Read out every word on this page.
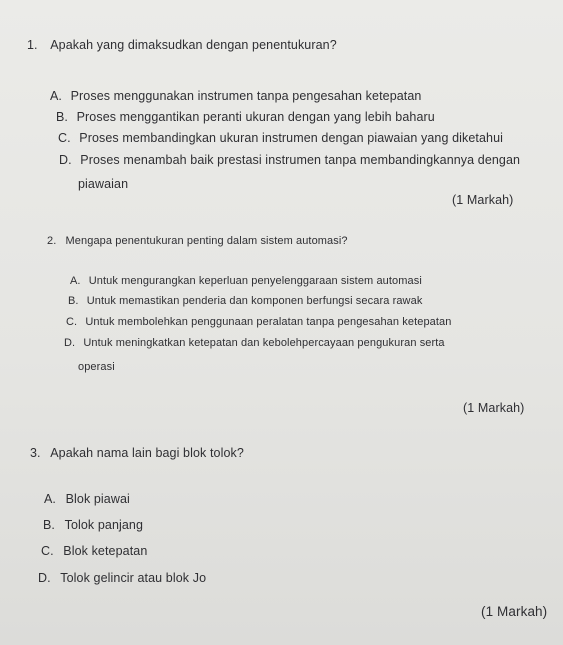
1. Apakah yang dimaksudkan dengan penentukuran?
A. Proses menggunakan instrumen tanpa pengesahan ketepatan
B. Proses menggantikan peranti ukuran dengan yang lebih baharu
C. Proses membandingkan ukuran instrumen dengan piawaian yang diketahui
D. Proses menambah baik prestasi instrumen tanpa membandingkannya dengan
piawaian
(1 Markah)
2. Mengapa penentukuran penting dalam sistem automasi?
A. Untuk mengurangkan keperluan penyelenggaraan sistem automasi
B. Untuk memastikan penderia dan komponen berfungsi secara rawak
C. Untuk membolehkan penggunaan peralatan tanpa pengesahan ketepatan
D. Untuk meningkatkan ketepatan dan kebolehpercayaan pengukuran serta
operasi
(1 Markah)
3. Apakah nama lain bagi blok tolok?
A. Blok piawai
B. Tolok panjang
C. Blok ketepatan
D. Tolok gelincir atau blok Jo
(1 Markah)
